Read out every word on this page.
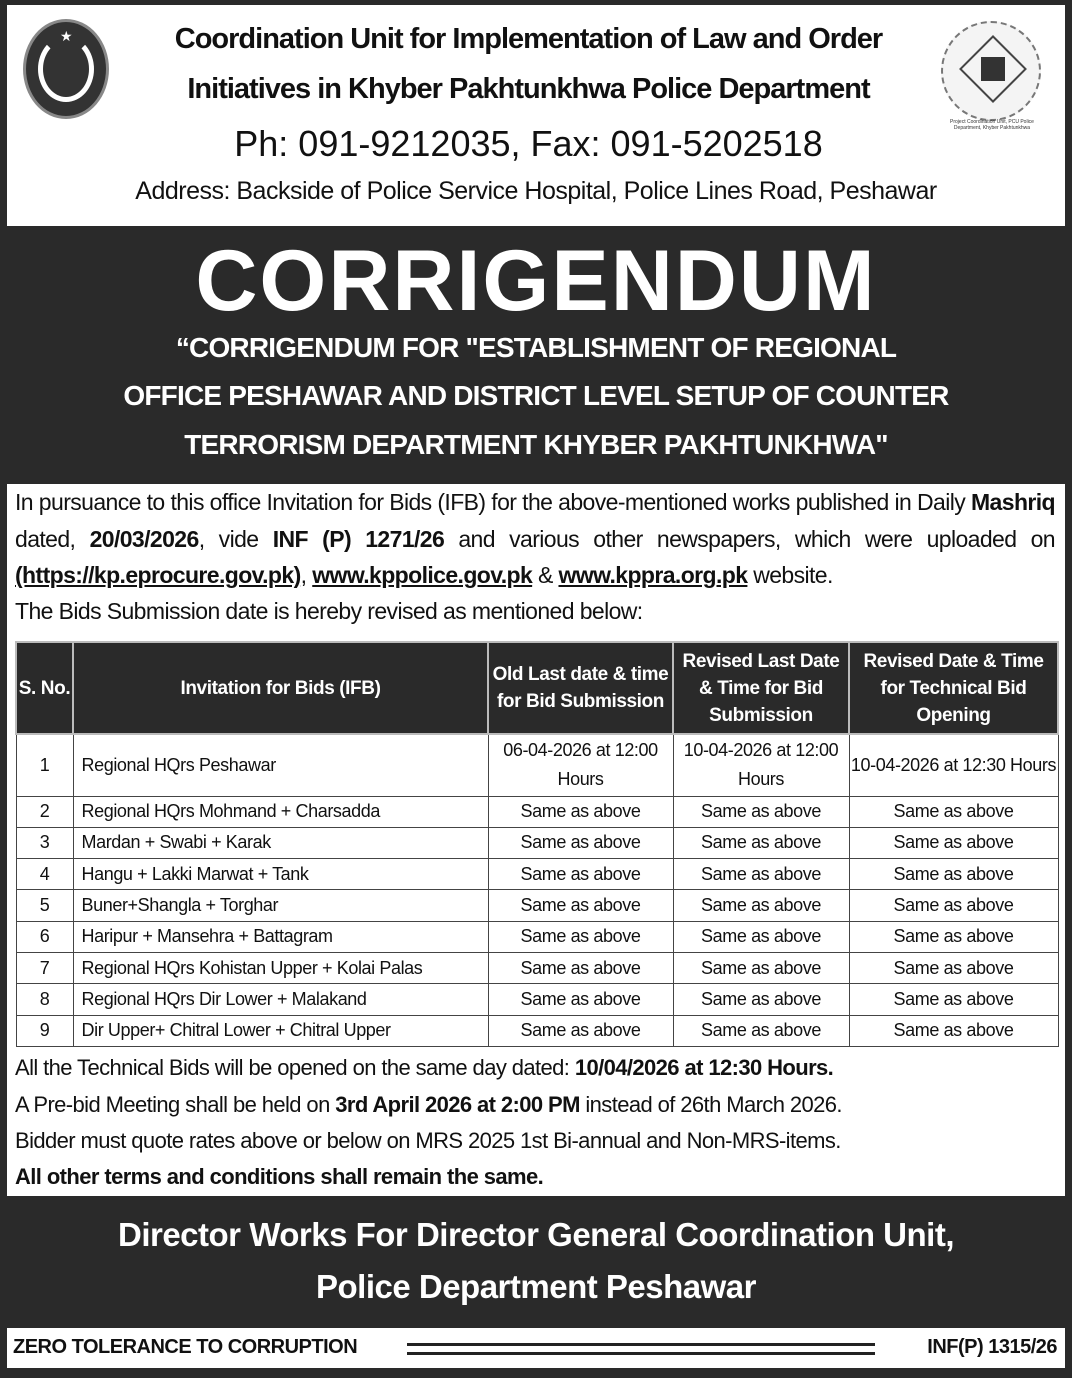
★
Project Coordination Unit, PCU Police Department, Khyber Pakhtunkhwa
Coordination Unit for Implementation of Law and Order
Initiatives in Khyber Pakhtunkhwa Police Department
Ph: 091-9212035, Fax: 091-5202518
Address: Backside of Police Service Hospital, Police Lines Road, Peshawar
CORRIGENDUM
“CORRIGENDUM FOR "ESTABLISHMENT OF REGIONAL
OFFICE PESHAWAR AND DISTRICT LEVEL SETUP OF COUNTER
TERRORISM DEPARTMENT KHYBER PAKHTUNKHWA"
In pursuance to this office Invitation for Bids (IFB) for the above-mentioned works published in Daily Mashriq dated, 20/03/2026, vide INF (P) 1271/26 and various other newspapers, which were uploaded on (https://kp.eprocure.gov.pk), www.kppolice.gov.pk & www.kppra.org.pk website.
The Bids Submission date is hereby revised as mentioned below:
S. No.	Invitation for Bids (IFB)	Old Last date & time for Bid Submission	Revised Last Date & Time for Bid Submission	Revised Date & Time for Technical Bid Opening
1	Regional HQrs Peshawar	06-04-2026 at 12:00 Hours	10-04-2026 at 12:00 Hours	10-04-2026 at 12:30 Hours
2	Regional HQrs Mohmand + Charsadda	Same as above	Same as above	Same as above
3	Mardan + Swabi + Karak	Same as above	Same as above	Same as above
4	Hangu + Lakki Marwat + Tank	Same as above	Same as above	Same as above
5	Buner+Shangla + Torghar	Same as above	Same as above	Same as above
6	Haripur + Mansehra + Battagram	Same as above	Same as above	Same as above
7	Regional HQrs Kohistan Upper + Kolai Palas	Same as above	Same as above	Same as above
8	Regional HQrs Dir Lower + Malakand	Same as above	Same as above	Same as above
9	Dir Upper+ Chitral Lower + Chitral Upper	Same as above	Same as above	Same as above
All the Technical Bids will be opened on the same day dated: 10/04/2026 at 12:30 Hours.
A Pre-bid Meeting shall be held on 3rd April 2026 at 2:00 PM instead of 26th March 2026.
Bidder must quote rates above or below on MRS 2025 1st Bi-annual and Non-MRS-items.
All other terms and conditions shall remain the same.
Director Works For Director General Coordination Unit,
Police Department Peshawar
ZERO TOLERANCE TO CORRUPTION	INF(P) 1315/26
